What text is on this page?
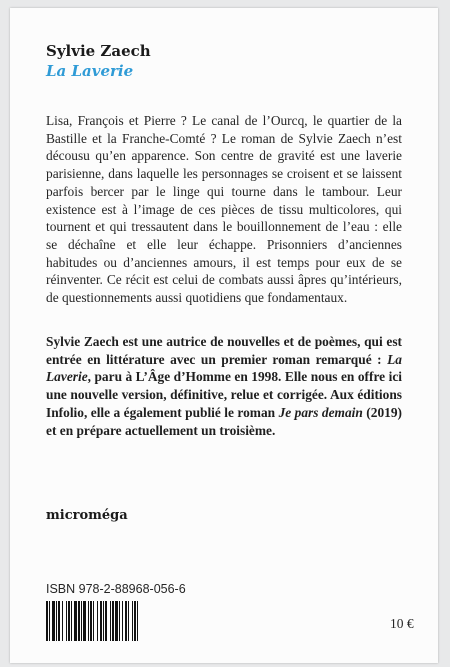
Sylvie Zaech
La Laverie

Lisa, François et Pierre ? Le canal de l’Ourcq, le quartier de la Bastille et la Franche-Comté ? Le roman de Sylvie Zaech n’est décousu qu’en apparence. Son centre de gravité est une laverie parisienne, dans laquelle les personnages se croisent et se laissent parfois bercer par le linge qui tourne dans le tambour. Leur existence est à l’image de ces pièces de tissu multicolores, qui tournent et qui tressautent dans le bouillonnement de l’eau : elle se déchaîne et elle leur échappe. Prisonniers d’anciennes habitudes ou d’anciennes amours, il est temps pour eux de se réinventer. Ce récit est celui de combats aussi âpres qu’intérieurs, de questionnements aussi quotidiens que fondamentaux.

Sylvie Zaech est une autrice de nouvelles et de poèmes, qui est entrée en littérature avec un premier roman remarqué : La Laverie, paru à L’Âge d’Homme en 1998. Elle nous en offre ici une nouvelle version, définitive, relue et corrigée. Aux éditions Infolio, elle a également publié le roman Je pars demain (2019) et en prépare actuellement un troisième.

microméga
ISBN 978-2-88968-056-6
10 €
